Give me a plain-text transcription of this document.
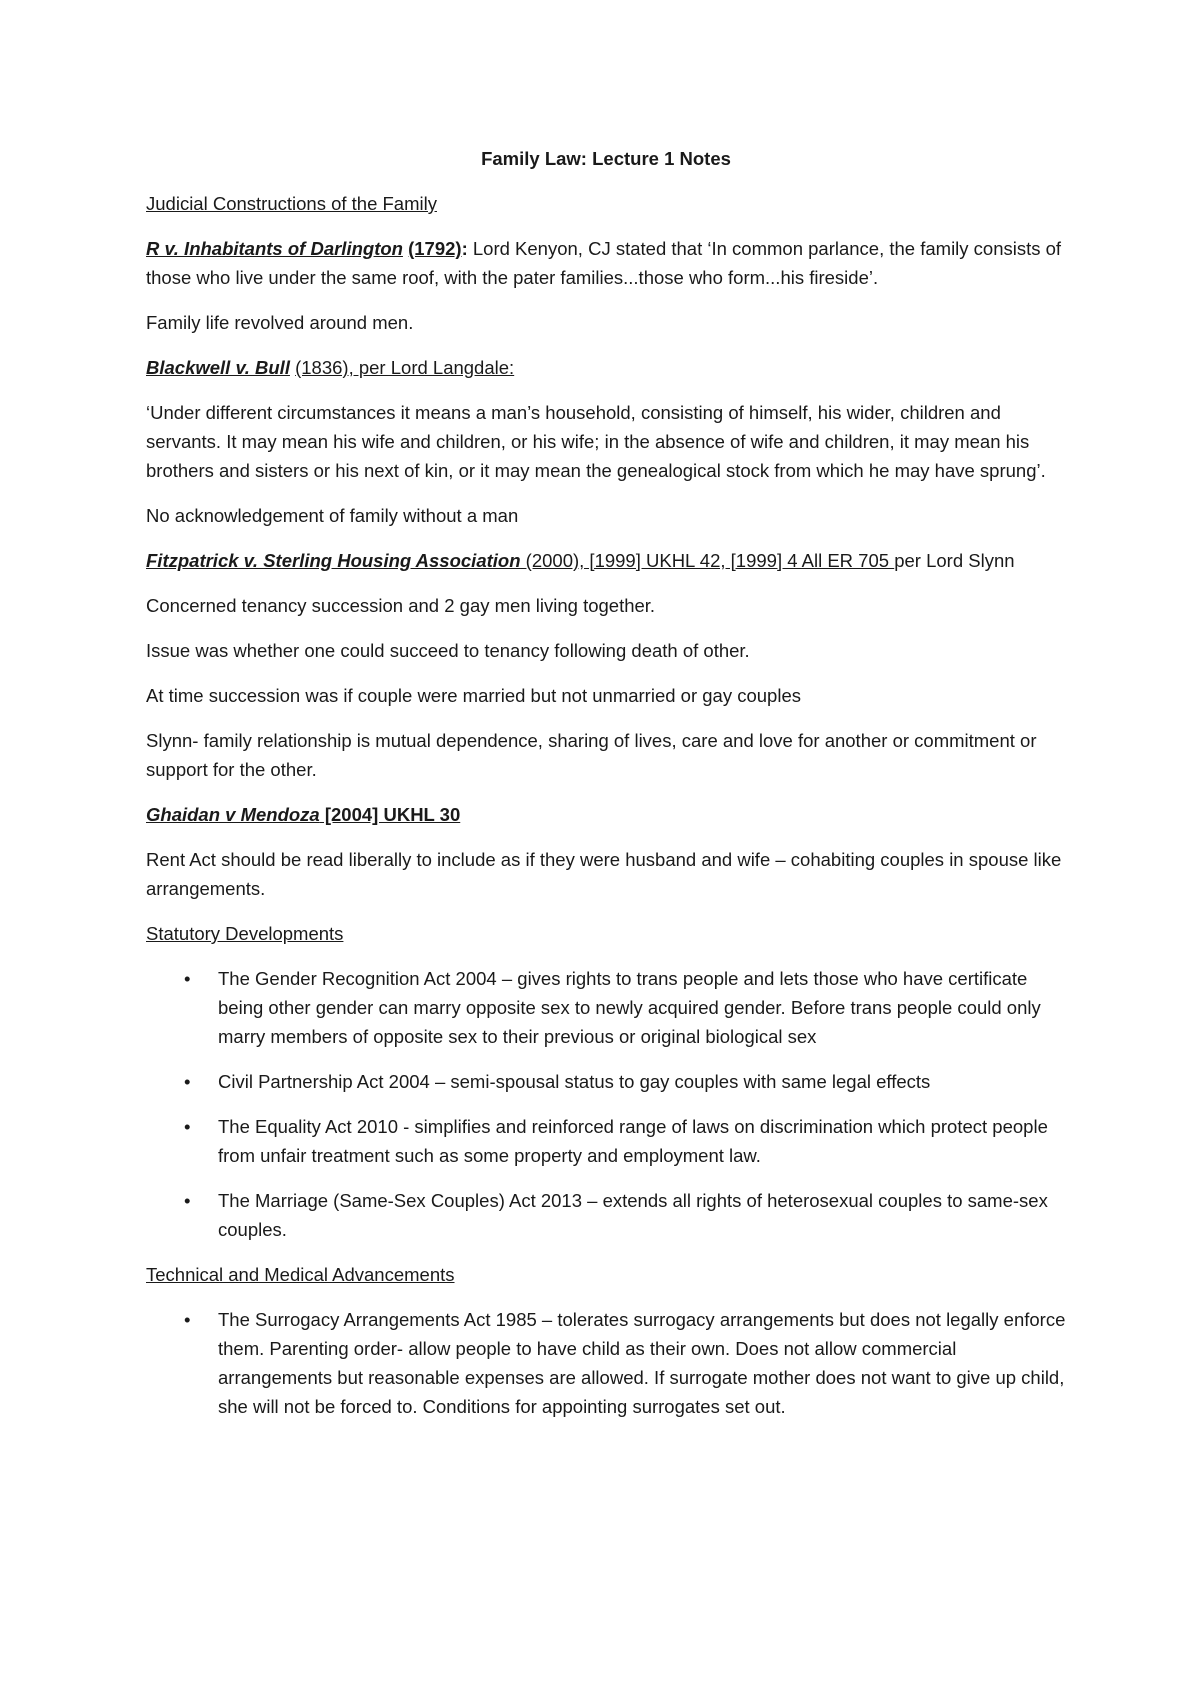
Family Law: Lecture 1 Notes

Judicial Constructions of the Family

R v. Inhabitants of Darlington (1792): Lord Kenyon, CJ stated that ‘In common parlance, the family consists of those who live under the same roof, with the pater families...those who form...his fireside’.

Family life revolved around men.

Blackwell v. Bull (1836), per Lord Langdale:

‘Under different circumstances it means a man’s household, consisting of himself, his wider, children and servants. It may mean his wife and children, or his wife; in the absence of wife and children, it may mean his brothers and sisters or his next of kin, or it may mean the genealogical stock from which he may have sprung’.

No acknowledgement of family without a man

Fitzpatrick v. Sterling Housing Association (2000), [1999] UKHL 42, [1999] 4 All ER 705 per Lord Slynn

Concerned tenancy succession and 2 gay men living together.

Issue was whether one could succeed to tenancy following death of other.

At time succession was if couple were married but not unmarried or gay couples

Slynn- family relationship is mutual dependence, sharing of lives, care and love for another or commitment or support for the other.

Ghaidan v Mendoza [2004] UKHL 30

Rent Act should be read liberally to include as if they were husband and wife – cohabiting couples in spouse like arrangements.

Statutory Developments

• The Gender Recognition Act 2004 – gives rights to trans people and lets those who have certificate being other gender can marry opposite sex to newly acquired gender. Before trans people could only marry members of opposite sex to their previous or original biological sex
• Civil Partnership Act 2004 – semi-spousal status to gay couples with same legal effects
• The Equality Act 2010 - simplifies and reinforced range of laws on discrimination which protect people from unfair treatment such as some property and employment law.
• The Marriage (Same-Sex Couples) Act 2013 – extends all rights of heterosexual couples to same-sex couples.

Technical and Medical Advancements

• The Surrogacy Arrangements Act 1985 – tolerates surrogacy arrangements but does not legally enforce them. Parenting order- allow people to have child as their own. Does not allow commercial arrangements but reasonable expenses are allowed. If surrogate mother does not want to give up child, she will not be forced to. Conditions for appointing surrogates set out.
